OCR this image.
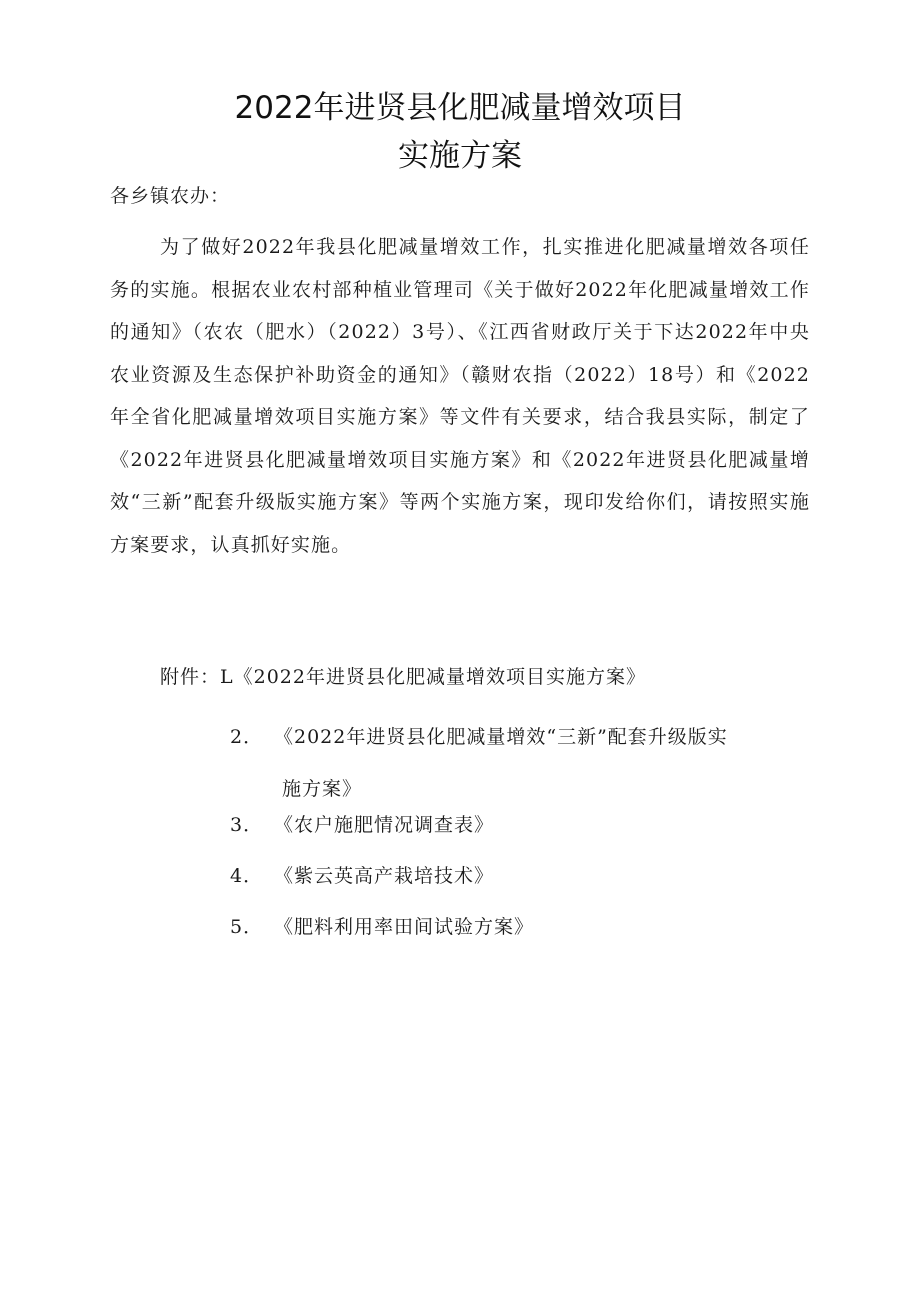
2022年进贤县化肥减量增效项目
实施方案
各乡镇农办：
为了做好2022年我县化肥减量增效工作，扎实推进化肥减量增效各项任务的实施。根据农业农村部种植业管理司《关于做好2022年化肥减量增效工作的通知》（农农（肥水）（2022）3号）、《江西省财政厅关于下达2022年中央农业资源及生态保护补助资金的通知》（赣财农指（2022）18号）和《2022年全省化肥减量增效项目实施方案》等文件有关要求，结合我县实际，制定了《2022年进贤县化肥减量增效项目实施方案》和《2022年进贤县化肥减量增效“三新”配套升级版实施方案》等两个实施方案，现印发给你们，请按照实施方案要求，认真抓好实施。
附件：L《2022年进贤县化肥减量增效项目实施方案》
2． 《2022年进贤县化肥减量增效“三新”配套升级版实
施方案》
3． 《农户施肥情况调查表》
4． 《紫云英高产栽培技术》
5． 《肥料利用率田间试验方案》
